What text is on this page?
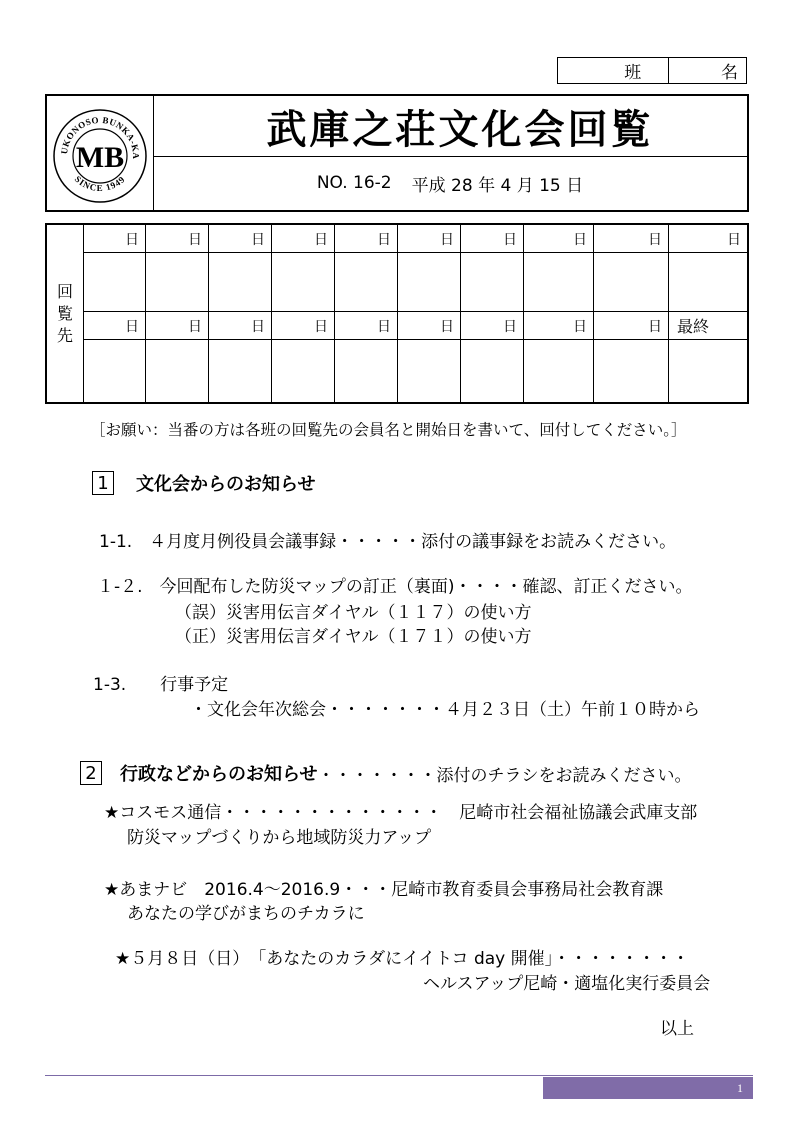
班	名
MB
UKONOSO BUNKA-KA
SINCE 1949
武庫之荘文化会回覧
NO. 16-2 平成 28 年 4 月 15 日
回
覧
先
日	日	日	日	日	日	日	日	日	日
日	日	日	日	日	日	日	日	日 最終
［お願い：当番の方は各班の回覧先の会員名と開始日を書いて、回付してください。］
1 文化会からのお知らせ
1-1.　４月度月例役員会議事録・・・・・添付の議事録をお読みください。
１-２.　今回配布した防災マップの訂正（裏面)・・・・確認、訂正ください。
（誤）災害用伝言ダイヤル（１１７）の使い方
（正）災害用伝言ダイヤル（１７１）の使い方
1-3.　　行事予定
・文化会年次総会・・・・・・・４月２３日（土）午前１０時から
2 行政などからのお知らせ ・・・・・・・添付のチラシをお読みください。
★コスモス通信・・・・・・・・・・・・・　尼崎市社会福祉協議会武庫支部
防災マップづくりから地域防災力アップ
★あまナビ　2016.4～2016.9・・・尼崎市教育委員会事務局社会教育課
あなたの学びがまちのチカラに
★５月８日（日）　「あなたのカラダにイイトコ day 開催」・・・・・・・・
ヘルスアップ尼崎・適塩化実行委員会
以上
1
